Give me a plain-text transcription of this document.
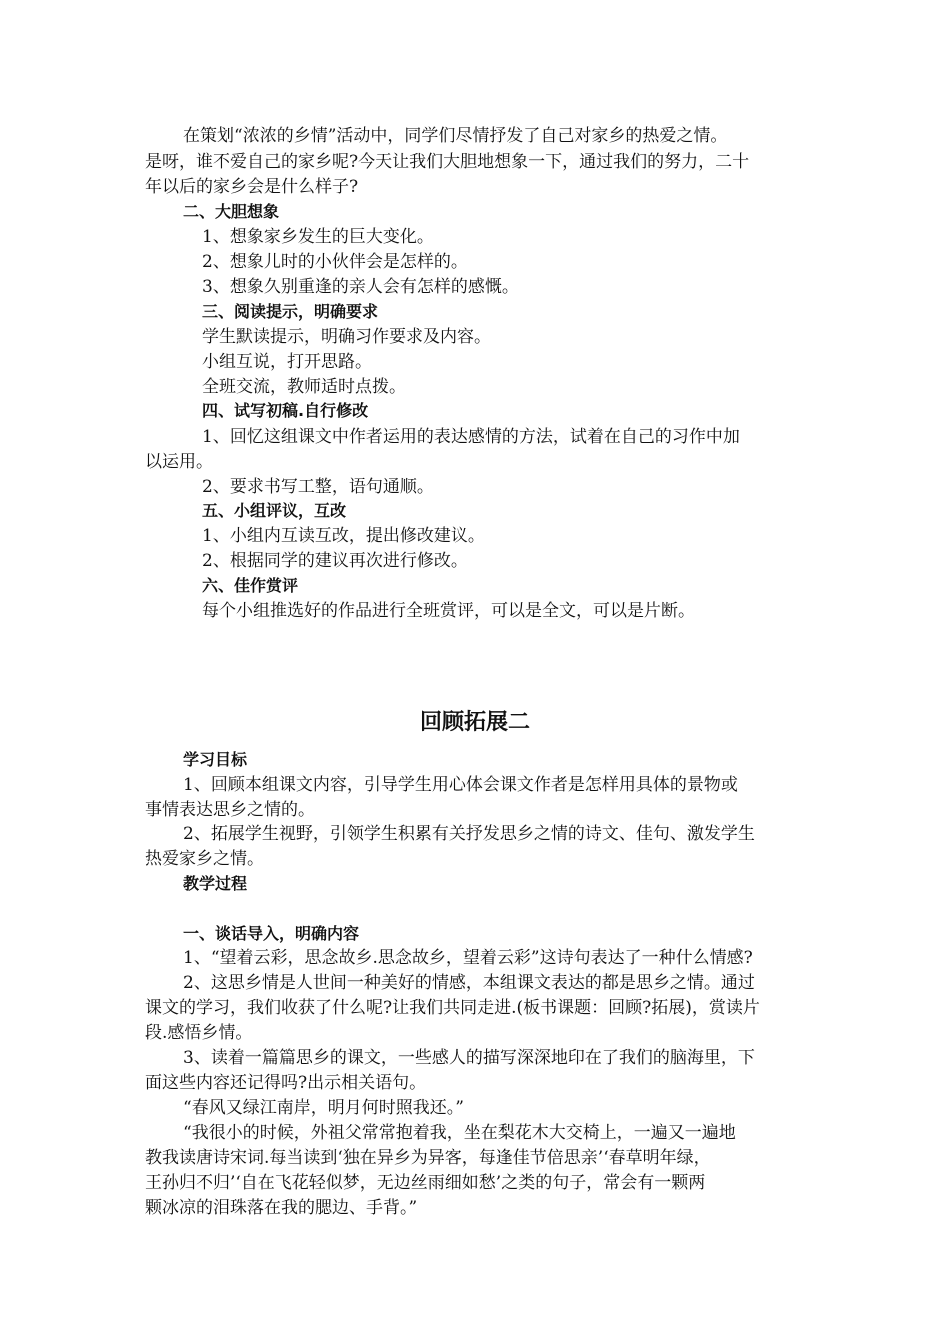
在策划“浓浓的乡情”活动中，同学们尽情抒发了自己对家乡的热爱之情。
是呀，谁不爱自己的家乡呢?今天让我们大胆地想象一下，通过我们的努力，二十
年以后的家乡会是什么样子?
二、大胆想象
1、想象家乡发生的巨大变化。
2、想象儿时的小伙伴会是怎样的。
3、想象久别重逢的亲人会有怎样的感慨。
三、阅读提示，明确要求
学生默读提示，明确习作要求及内容。
小组互说，打开思路。
全班交流，教师适时点拨。
四、试写初稿.自行修改
1、回忆这组课文中作者运用的表达感情的方法，试着在自己的习作中加
以运用。
2、要求书写工整，语句通顺。
五、小组评议，互改
1、小组内互读互改，提出修改建议。
2、根据同学的建议再次进行修改。
六、佳作赏评
每个小组推选好的作品进行全班赏评，可以是全文，可以是片断。
回顾拓展二
学习目标
1、回顾本组课文内容，引导学生用心体会课文作者是怎样用具体的景物或
事情表达思乡之情的。
2、拓展学生视野，引领学生积累有关抒发思乡之情的诗文、佳句、激发学生
热爱家乡之情。
教学过程
一、谈话导入，明确内容
1、“望着云彩，思念故乡.思念故乡，望着云彩”这诗句表达了一种什么情感?
2、这思乡情是人世间一种美好的情感，本组课文表达的都是思乡之情。通过
课文的学习，我们收获了什么呢?让我们共同走进.(板书课题：回顾?拓展)，赏读片
段.感悟乡情。
3、读着一篇篇思乡的课文，一些感人的描写深深地印在了我们的脑海里，下
面这些内容还记得吗?出示相关语句。
“春风又绿江南岸，明月何时照我还。”
“我很小的时候，外祖父常常抱着我，坐在梨花木大交椅上，一遍又一遍地
教我读唐诗宋词.每当读到‘独在异乡为异客，每逢佳节倍思亲’‘春草明年绿，
王孙归不归’‘自在飞花轻似梦，无边丝雨细如愁’之类的句子，常会有一颗两
颗冰凉的泪珠落在我的腮边、手背。”
